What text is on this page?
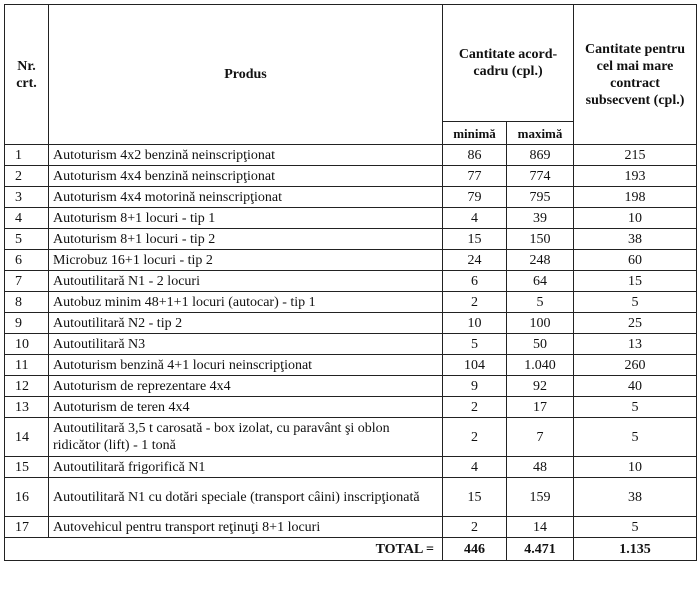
Nr. crt.	Produs	Cantitate acord-cadru (cpl.)		Cantitate pentru cel mai mare contract subsecvent (cpl.)
		minimă	maximă	
1	Autoturism 4x2 benzină neinscripţionat	86	869	215
2	Autoturism 4x4 benzină neinscripţionat	77	774	193
3	Autoturism 4x4 motorină neinscripţionat	79	795	198
4	Autoturism 8+1 locuri - tip 1	4	39	10
5	Autoturism 8+1 locuri - tip 2	15	150	38
6	Microbuz 16+1 locuri - tip 2	24	248	60
7	Autoutilitară N1 - 2 locuri	6	64	15
8	Autobuz minim 48+1+1 locuri (autocar) - tip 1	2	5	5
9	Autoutilitară N2 - tip 2	10	100	25
10	Autoutilitară N3	5	50	13
11	Autoturism benzină 4+1 locuri neinscripţionat	104	1.040	260
12	Autoturism de reprezentare 4x4	9	92	40
13	Autoturism de teren 4x4	2	17	5
14	Autoutilitară 3,5 t carosată - box izolat, cu paravânt şi oblon ridicător (lift) - 1 tonă	2	7	5
15	Autoutilitară frigorifică N1	4	48	10
16	Autoutilitară N1 cu dotări speciale (transport câini) inscripţionată	15	159	38
17	Autovehicul pentru transport reţinuţi 8+1 locuri	2	14	5
TOTAL =		446	4.471	1.135
